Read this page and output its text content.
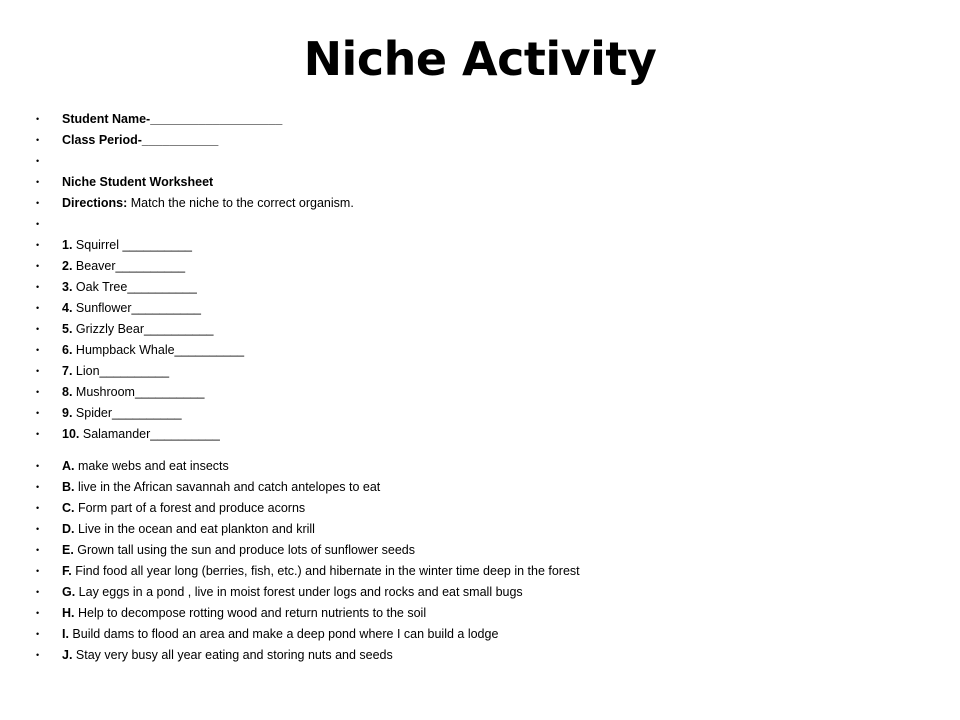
Niche Activity
•	Student Name-___________________
•	Class Period-___________
•
•	Niche Student Worksheet
•	Directions: Match the niche to the correct organism.
•
•	1. Squirrel __________
•	2. Beaver__________
•	3. Oak Tree__________
•	4. Sunflower__________
•	5. Grizzly Bear__________
•	6. Humpback Whale__________
•	7. Lion__________
•	8. Mushroom__________
•	9. Spider__________
•	10. Salamander__________
•	A. make webs and eat insects
•	B. live in the African savannah and catch antelopes to eat
•	C. Form part of a forest and produce acorns
•	D. Live in the ocean and eat plankton and krill
•	E. Grown tall using the sun and produce lots of sunflower seeds
•	F. Find food all year long (berries, fish, etc.) and hibernate in the winter time deep in the forest
•	G. Lay eggs in a pond , live in moist forest under logs and rocks and eat small bugs
•	H. Help to decompose rotting wood and return nutrients to the soil
•	I. Build dams to flood an area and make a deep pond where I can build a lodge
•	J. Stay very busy all year eating and storing nuts and seeds
